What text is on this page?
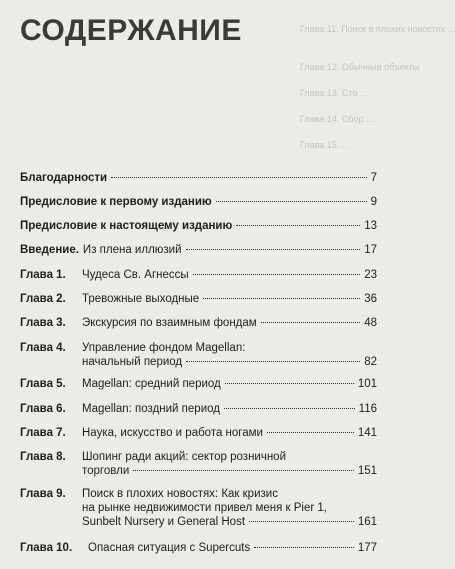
Глава 11. Поиск в плохих новостях ...
Глава 12. Обычные объекты
Глава 13. Сто ...
Глава 14. Сбор ...
Глава 15. ...
СОДЕРЖАНИЕ
Благодарности	7
Предисловие к первому изданию	9
Предисловие к настоящему изданию	13
Введение. Из плена иллюзий	17
Глава 1.	Чудеса Св. Агнессы	23
Глава 2.	Тревожные выходные	36
Глава 3.	Экскурсия по взаимным фондам	48
Глава 4.	Управление фондом Magellan:
начальный период	82
Глава 5.	Magellan: средний период	101
Глава 6.	Magellan: поздний период	116
Глава 7.	Наука, искусство и работа ногами	141
Глава 8.	Шопинг ради акций: сектор розничной
торговли	151
Глава 9.	Поиск в плохих новостях: Как кризис
на рынке недвижимости привел меня к Pier 1,
Sunbelt Nursery и General Host	161
Глава 10.	Опасная ситуация с Supercuts	177
